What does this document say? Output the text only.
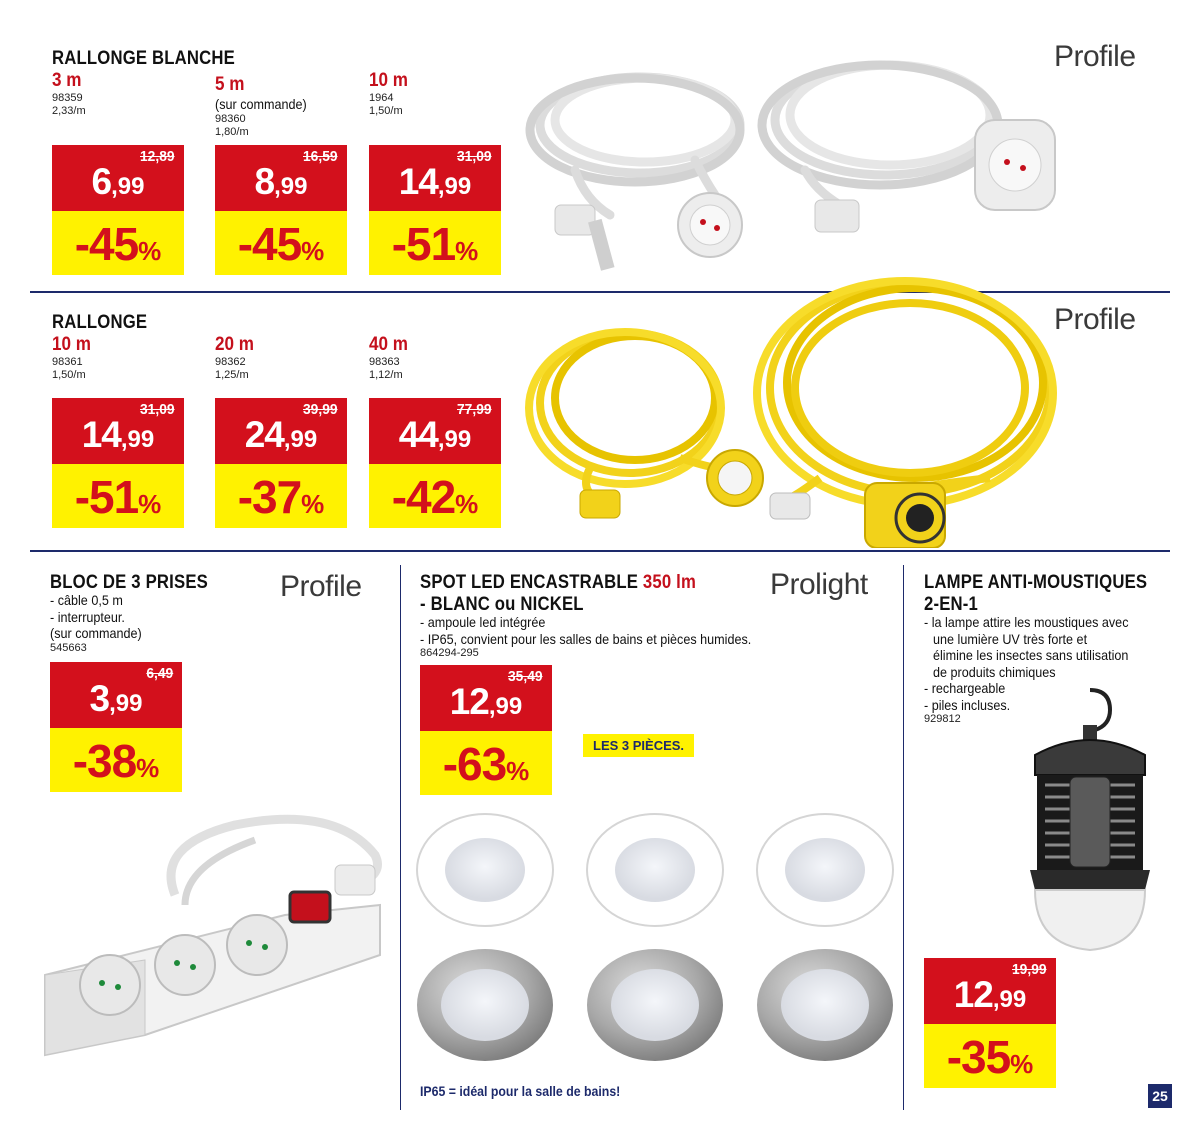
RALLONGE BLANCHE
3 m
98359
2,33/m
5 m
(sur commande)
98360
1,80/m
10 m
1964
1,50/m
12,89
6,99
-45%
16,59
8,99
-45%
31,09
14,99
-51%
Profile
RALLONGE
10 m
98361
1,50/m
20 m
98362
1,25/m
40 m
98363
1,12/m
31,09
14,99
-51%
39,99
24,99
-37%
77,99
44,99
-42%
Profile
BLOC DE 3 PRISES
- câble 0,5 m
- interrupteur.
(sur commande)
545663
Profile
6,49
3,99
-38%
SPOT LED ENCASTRABLE 350 lm
- BLANC ou NICKEL
- ampoule led intégrée
- IP65, convient pour les salles de bains et pièces humides.
864294-295
Prolight
35,49
12,99
-63%
LES 3 PIÈCES.
IP65 = idéal pour la salle de bains!
LAMPE ANTI-MOUSTIQUES
2-EN-1
- la lampe attire les moustiques avec
une lumière UV très forte et
élimine les insectes sans utilisation
de produits chimiques
- rechargeable
- piles incluses.
929812
19,99
12,99
-35%
25
